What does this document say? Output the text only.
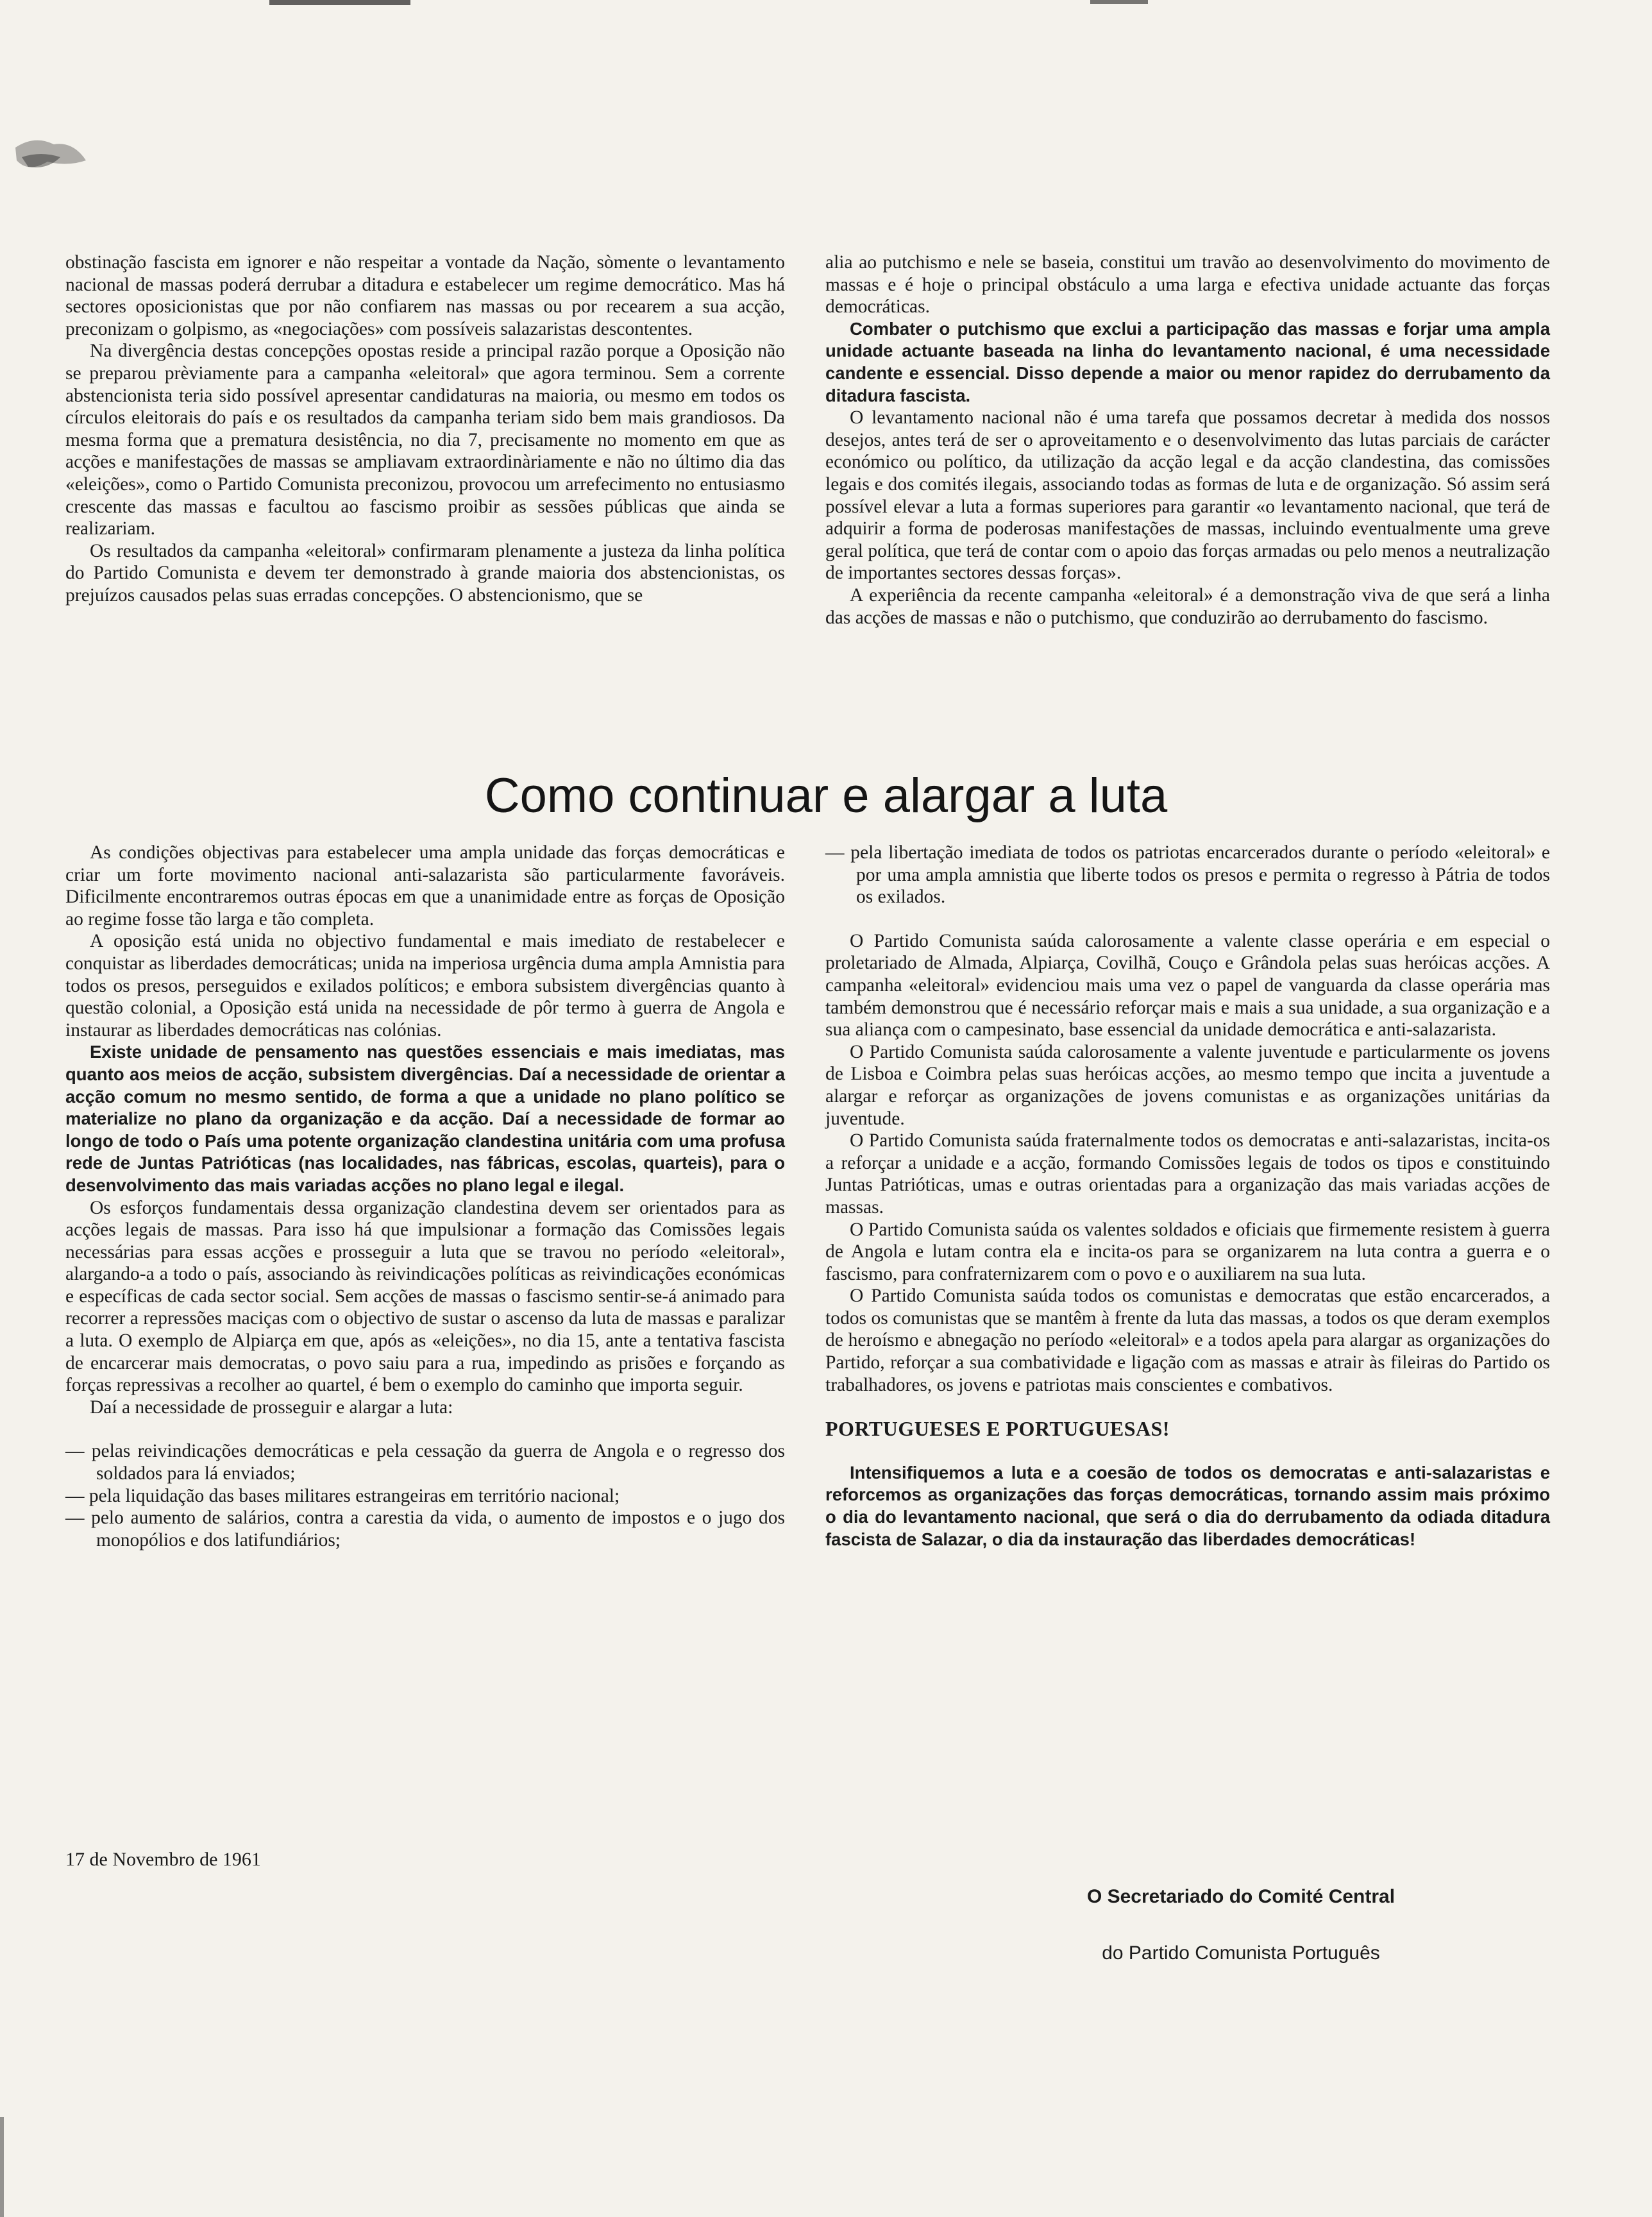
obstinação fascista em ignorer e não respeitar a vontade da Nação, sòmente o levantamento nacional de massas poderá derrubar a ditadura e estabelecer um regime democrático. Mas há sectores oposicionistas que por não confiarem nas massas ou por recearem a sua acção, preconizam o golpismo, as «negociações» com possíveis salazaristas descontentes.

Na divergência destas concepções opostas reside a principal razão porque a Oposição não se preparou prèviamente para a campanha «eleitoral» que agora terminou. Sem a corrente abstencionista teria sido possível apresentar candidaturas na maioria, ou mesmo em todos os círculos eleitorais do país e os resultados da campanha teriam sido bem mais grandiosos. Da mesma forma que a prematura desistência, no dia 7, precisamente no momento em que as acções e manifestações de massas se ampliavam extraordinàriamente e não no último dia das «eleições», como o Partido Comunista preconizou, provocou um arrefecimento no entusiasmo crescente das massas e facultou ao fascismo proibir as sessões públicas que ainda se realizariam.

Os resultados da campanha «eleitoral» confirmaram plenamente a justeza da linha política do Partido Comunista e devem ter demonstrado à grande maioria dos abstencionistas, os prejuízos causados pelas suas erradas concepções. O abstencionismo, que se

alia ao putchismo e nele se baseia, constitui um travão ao desenvolvimento do movimento de massas e é hoje o principal obstáculo a uma larga e efectiva unidade actuante das forças democráticas.

Combater o putchismo que exclui a participação das massas e forjar uma ampla unidade actuante baseada na linha do levantamento nacional, é uma necessidade candente e essencial. Disso depende a maior ou menor rapidez do derrubamento da ditadura fascista.

O levantamento nacional não é uma tarefa que possamos decretar à medida dos nossos desejos, antes terá de ser o aproveitamento e o desenvolvimento das lutas parciais de carácter económico ou político, da utilização da acção legal e da acção clandestina, das comissões legais e dos comités ilegais, associando todas as formas de luta e de organização. Só assim será possível elevar a luta a formas superiores para garantir «o levantamento nacional, que terá de adquirir a forma de poderosas manifestações de massas, incluindo eventualmente uma greve geral política, que terá de contar com o apoio das forças armadas ou pelo menos a neutralização de importantes sectores dessas forças».

A experiência da recente campanha «eleitoral» é a demonstração viva de que será a linha das acções de massas e não o putchismo, que conduzirão ao derrubamento do fascismo.

Como continuar e alargar a luta

As condições objectivas para estabelecer uma ampla unidade das forças democráticas e criar um forte movimento nacional anti-salazarista são particularmente favoráveis. Dificilmente encontraremos outras épocas em que a unanimidade entre as forças de Oposição ao regime fosse tão larga e tão completa.

A oposição está unida no objectivo fundamental e mais imediato de restabelecer e conquistar as liberdades democráticas; unida na imperiosa urgência duma ampla Amnistia para todos os presos, perseguidos e exilados políticos; e embora subsistem divergências quanto à questão colonial, a Oposição está unida na necessidade de pôr termo à guerra de Angola e instaurar as liberdades democráticas nas colónias.

Existe unidade de pensamento nas questões essenciais e mais imediatas, mas quanto aos meios de acção, subsistem divergências. Daí a necessidade de orientar a acção comum no mesmo sentido, de forma a que a unidade no plano político se materialize no plano da organização e da acção. Daí a necessidade de formar ao longo de todo o País uma potente organização clandestina unitária com uma profusa rede de Juntas Patrióticas (nas localidades, nas fábricas, escolas, quarteis), para o desenvolvimento das mais variadas acções no plano legal e ilegal.

Os esforços fundamentais dessa organização clandestina devem ser orientados para as acções legais de massas. Para isso há que impulsionar a formação das Comissões legais necessárias para essas acções e prosseguir a luta que se travou no período «eleitoral», alargando-a a todo o país, associando às reivindicações políticas as reivindicações económicas e específicas de cada sector social. Sem acções de massas o fascismo sentir-se-á animado para recorrer a repressões maciças com o objectivo de sustar o ascenso da luta de massas e paralizar a luta. O exemplo de Alpiarça em que, após as «eleições», no dia 15, ante a tentativa fascista de encarcerar mais democratas, o povo saiu para a rua, impedindo as prisões e forçando as forças repressivas a recolher ao quartel, é bem o exemplo do caminho que importa seguir.

Daí a necessidade de prosseguir e alargar a luta:

— pelas reivindicações democráticas e pela cessação da guerra de Angola e o regresso dos soldados para lá enviados;

— pela liquidação das bases militares estrangeiras em território nacional;

— pelo aumento de salários, contra a carestia da vida, o aumento de impostos e o jugo dos monopólios e dos latifundiários;

— pela libertação imediata de todos os patriotas encarcerados durante o período «eleitoral» e por uma ampla amnistia que liberte todos os presos e permita o regresso à Pátria de todos os exilados.

O Partido Comunista saúda calorosamente a valente classe operária e em especial o proletariado de Almada, Alpiarça, Covilhã, Couço e Grândola pelas suas heróicas acções. A campanha «eleitoral» evidenciou mais uma vez o papel de vanguarda da classe operária mas também demonstrou que é necessário reforçar mais e mais a sua unidade, a sua organização e a sua aliança com o campesinato, base essencial da unidade democrática e anti-salazarista.

O Partido Comunista saúda calorosamente a valente juventude e particularmente os jovens de Lisboa e Coimbra pelas suas heróicas acções, ao mesmo tempo que incita a juventude a alargar e reforçar as organizações de jovens comunistas e as organizações unitárias da juventude.

O Partido Comunista saúda fraternalmente todos os democratas e anti-salazaristas, incita-os a reforçar a unidade e a acção, formando Comissões legais de todos os tipos e constituindo Juntas Patrióticas, umas e outras orientadas para a organização das mais variadas acções de massas.

O Partido Comunista saúda os valentes soldados e oficiais que firmemente resistem à guerra de Angola e lutam contra ela e incita-os para se organizarem na luta contra a guerra e o fascismo, para confraternizarem com o povo e o auxiliarem na sua luta.

O Partido Comunista saúda todos os comunistas e democratas que estão encarcerados, a todos os comunistas que se mantêm à frente da luta das massas, a todos os que deram exemplos de heroísmo e abnegação no período «eleitoral» e a todos apela para alargar as organizações do Partido, reforçar a sua combatividade e ligação com as massas e atrair às fileiras do Partido os trabalhadores, os jovens e patriotas mais conscientes e combativos.

PORTUGUESES E PORTUGUESAS!

Intensifiquemos a luta e a coesão de todos os democratas e anti-salazaristas e reforcemos as organizações das forças democráticas, tornando assim mais próximo o dia do levantamento nacional, que será o dia do derrubamento da odiada ditadura fascista de Salazar, o dia da instauração das liberdades democráticas!

17 de Novembro de 1961
O Secretariado do Comité Central
do Partido Comunista Português
